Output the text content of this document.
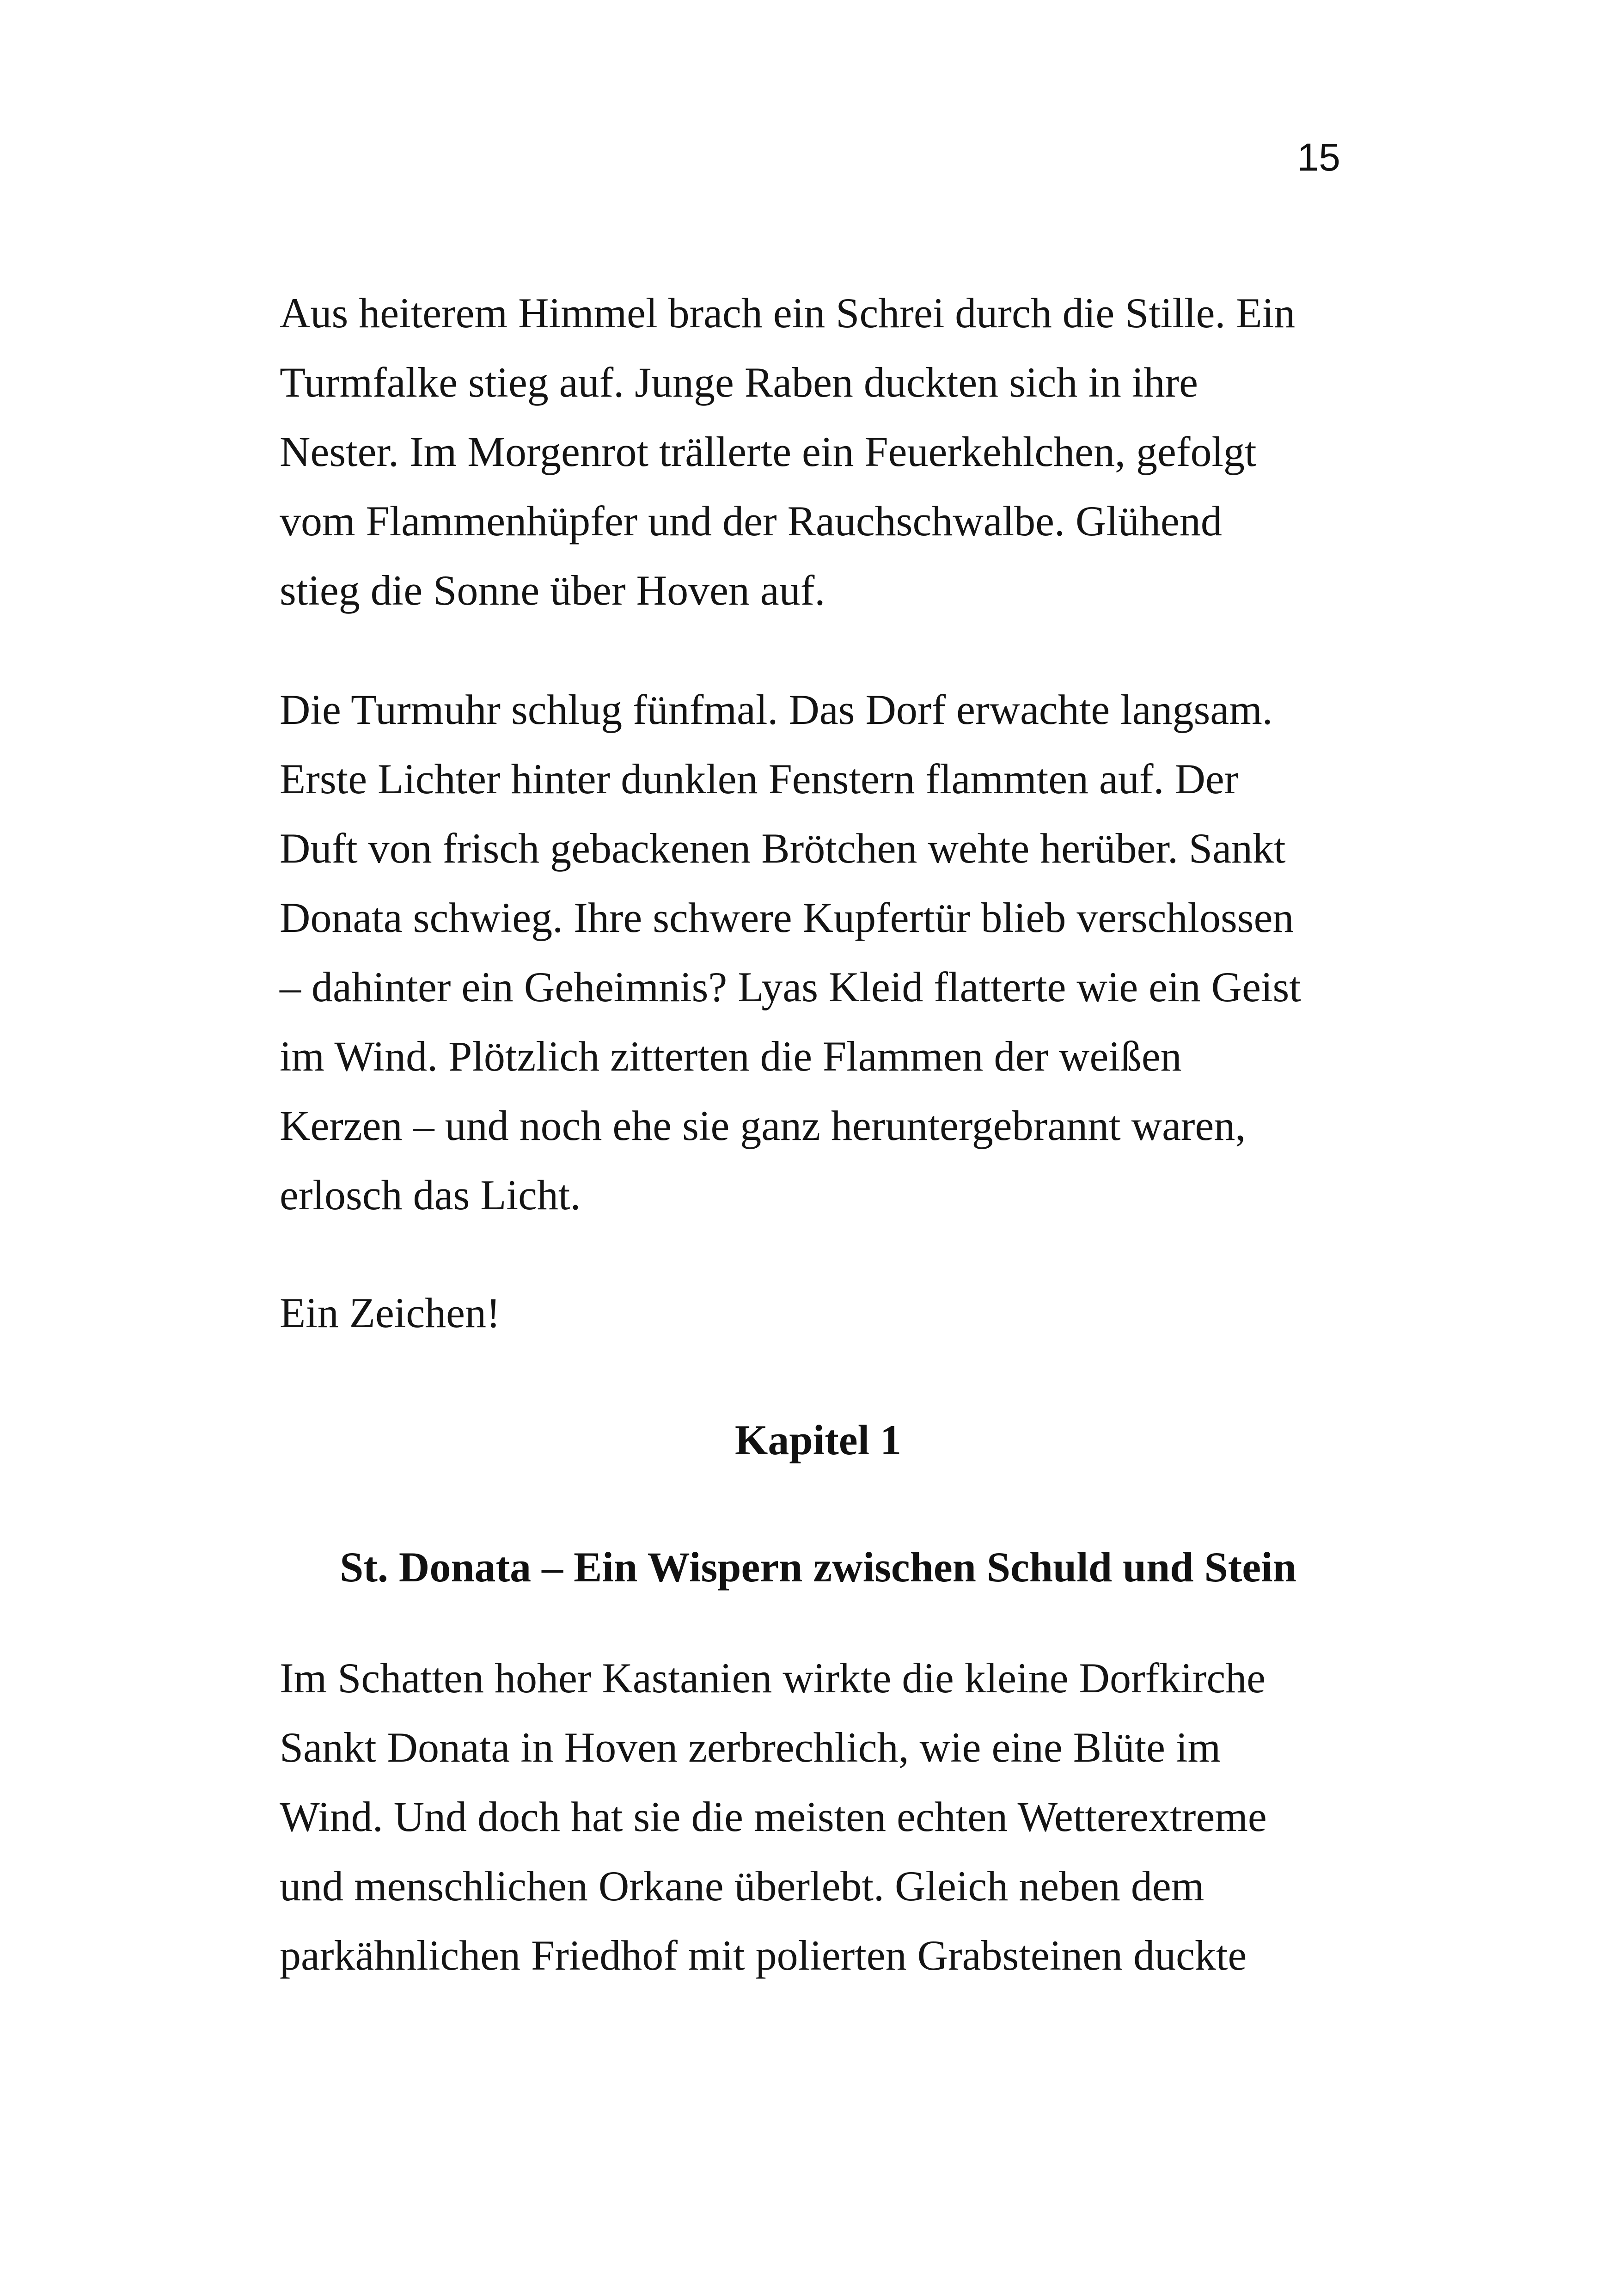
15

Aus heiterem Himmel brach ein Schrei durch die Stille. Ein
Turmfalke stieg auf. Junge Raben duckten sich in ihre
Nester. Im Morgenrot trällerte ein Feuerkehlchen, gefolgt
vom Flammenhüpfer und der Rauchschwalbe. Glühend
stieg die Sonne über Hoven auf.

Die Turmuhr schlug fünfmal. Das Dorf erwachte langsam.
Erste Lichter hinter dunklen Fenstern flammten auf. Der
Duft von frisch gebackenen Brötchen wehte herüber. Sankt
Donata schwieg. Ihre schwere Kupfertür blieb verschlossen
– dahinter ein Geheimnis? Lyas Kleid flatterte wie ein Geist
im Wind. Plötzlich zitterten die Flammen der weißen
Kerzen – und noch ehe sie ganz heruntergebrannt waren,
erlosch das Licht.

Ein Zeichen!

Kapitel 1
St. Donata – Ein Wispern zwischen Schuld und Stein

Im Schatten hoher Kastanien wirkte die kleine Dorfkirche
Sankt Donata in Hoven zerbrechlich, wie eine Blüte im
Wind. Und doch hat sie die meisten echten Wetterextreme
und menschlichen Orkane überlebt. Gleich neben dem
parkähnlichen Friedhof mit polierten Grabsteinen duckte
